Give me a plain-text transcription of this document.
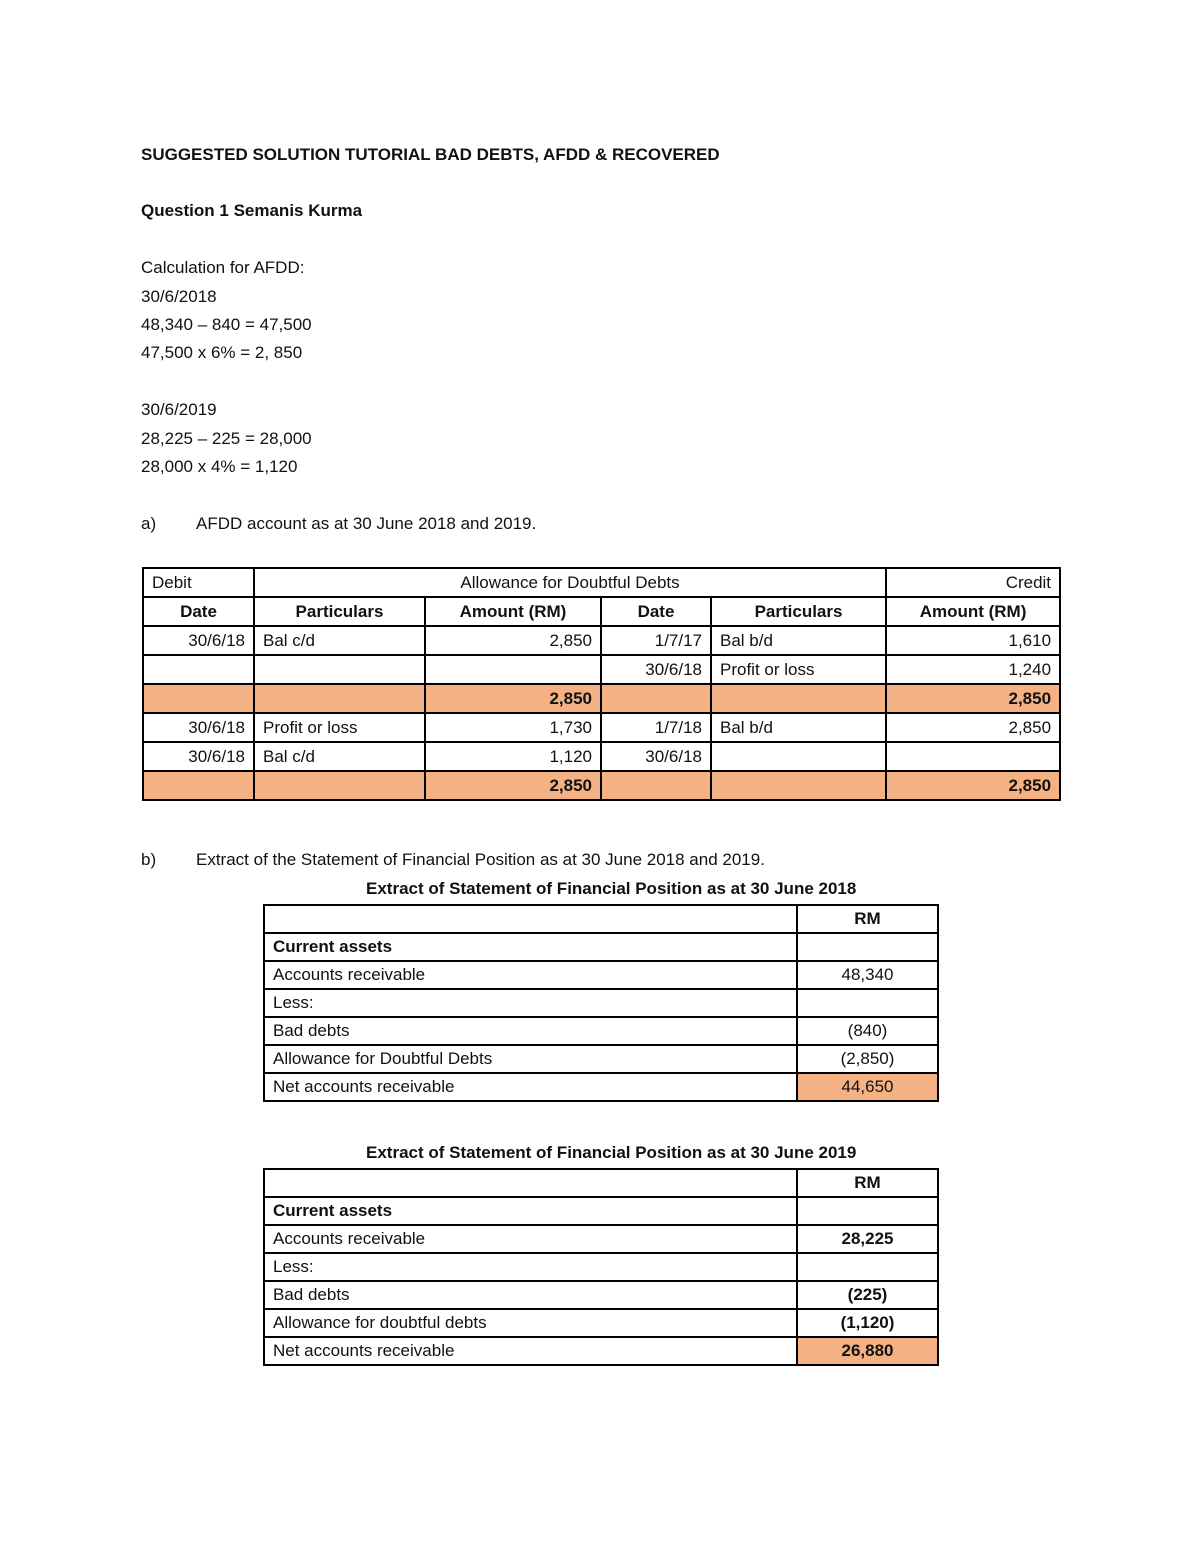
SUGGESTED SOLUTION TUTORIAL BAD DEBTS, AFDD & RECOVERED
Question 1 Semanis Kurma
Calculation for AFDD:
30/6/2018
48,340 – 840 = 47,500
47,500 x 6% = 2, 850
30/6/2019
28,225 – 225 = 28,000
28,000 x 4% = 1,120
a) AFDD account as at 30 June 2018 and 2019.
Debit	Allowance for Doubtful Debts				Credit
Date	Particulars	Amount (RM)	Date	Particulars	Amount (RM)
30/6/18	Bal c/d	2,850	1/7/17	Bal b/d	1,610
			30/6/18	Profit or loss	1,240
		2,850			2,850
30/6/18	Profit or loss	1,730	1/7/18	Bal b/d	2,850
30/6/18	Bal c/d	1,120	30/6/18		
		2,850			2,850
b) Extract of the Statement of Financial Position as at 30 June 2018 and 2019.
Extract of Statement of Financial Position as at 30 June 2018
	RM
Current assets	
Accounts receivable	48,340
Less:	
Bad debts	(840)
Allowance for Doubtful Debts	(2,850)
Net accounts receivable	44,650
Extract of Statement of Financial Position as at 30 June 2019
	RM
Current assets	
Accounts receivable	28,225
Less:	
Bad debts	(225)
Allowance for doubtful debts	(1,120)
Net accounts receivable	26,880
